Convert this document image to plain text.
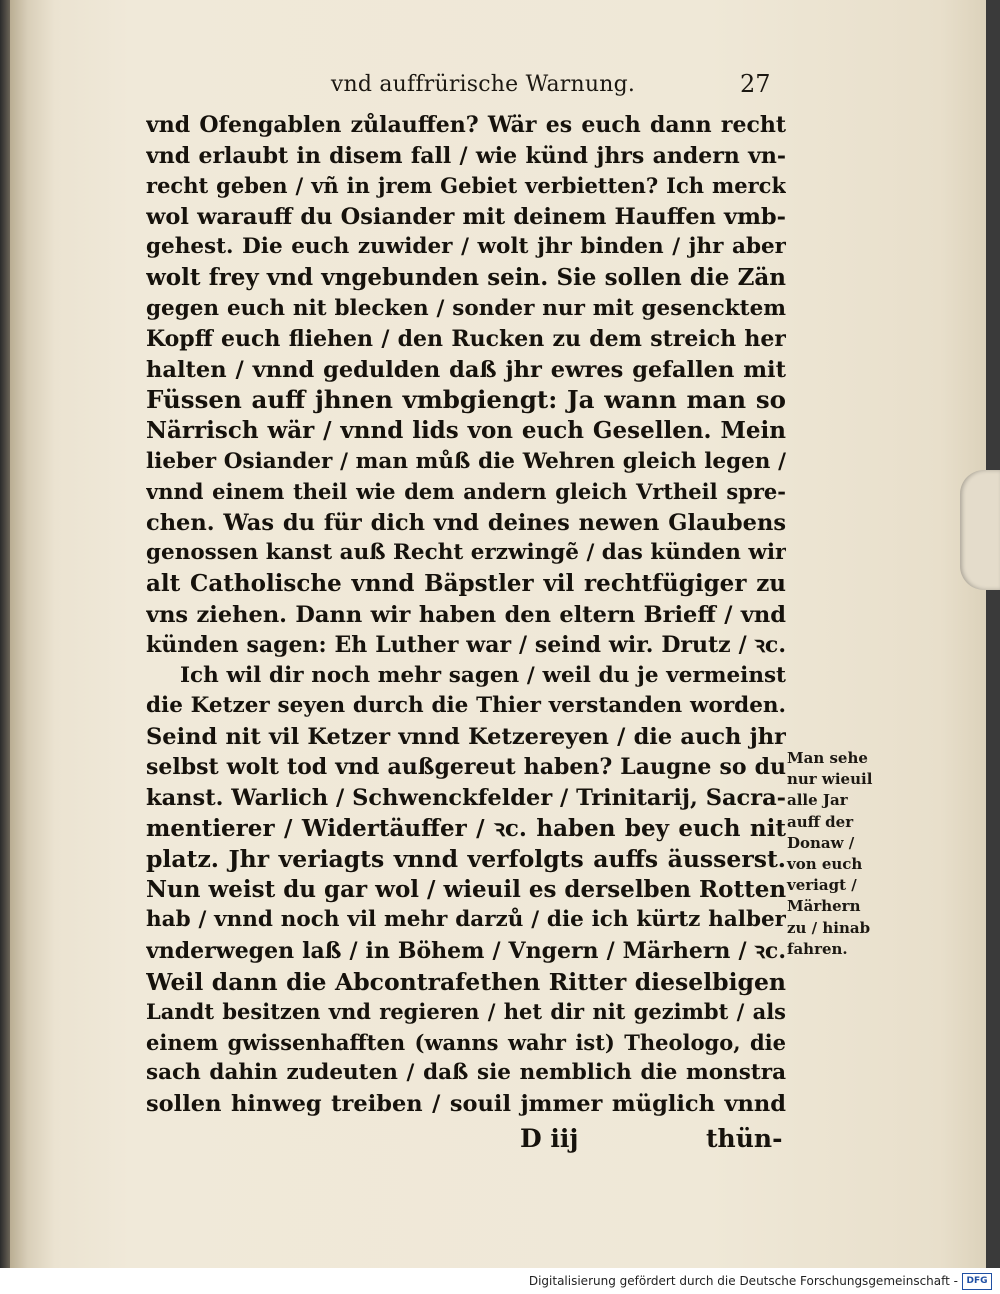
vnd auffrürische Warnung.	27
vnd Ofengablen zůlauffen? Wär es euch dann recht
vnd erlaubt in disem fall / wie künd jhrs andern vn-
recht geben / vñ in jrem Gebiet verbietten? Ich merck
wol warauff du Osiander mit deinem Hauffen vmb-
gehest. Die euch zuwider / wolt jhr binden / jhr aber
wolt frey vnd vngebunden sein. Sie sollen die Zän
gegen euch nit blecken / sonder nur mit gesencktem
Kopff euch fliehen / den Rucken zu dem streich her
halten / vnnd gedulden daß jhr ewres gefallen mit
Füssen auff jhnen vmbgiengt: Ja wann man so
Närrisch wär / vnnd lids von euch Gesellen. Mein
lieber Osiander / man můß die Wehren gleich legen /
vnnd einem theil wie dem andern gleich Vrtheil spre-
chen. Was du für dich vnd deines newen Glaubens
genossen kanst auß Recht erzwingẽ / das künden wir
alt Catholische vnnd Bäpstler vil rechtfügiger zu
vns ziehen. Dann wir haben den eltern Brieff / vnd
künden sagen: Eh Luther war / seind wir. Drutz / ꝛc.
Ich wil dir noch mehr sagen / weil du je vermeinst
die Ketzer seyen durch die Thier verstanden worden.
Seind nit vil Ketzer vnnd Ketzereyen / die auch jhr
selbst wolt tod vnd außgereut haben? Laugne so du
kanst. Warlich / Schwenckfelder / Trinitarij, Sacra-
mentierer / Widertäuffer / ꝛc. haben bey euch nit
platz. Jhr veriagts vnnd verfolgts auffs äusserst.
Nun weist du gar wol / wieuil es derselben Rotten
hab / vnnd noch vil mehr darzů / die ich kürtz halber
vnderwegen laß / in Böhem / Vngern / Märhern / ꝛc.
Weil dann die Abcontrafethen Ritter dieselbigen
Landt besitzen vnd regieren / het dir nit gezimbt / als
einem gwissenhafften (wanns wahr ist) Theologo, die
sach dahin zudeuten / daß sie nemblich die monstra
sollen hinweg treiben / souil jmmer müglich vnnd
Man sehe
nur wieuil
alle Jar
auff der
Donaw /
von euch
veriagt /
Märhern
zu / hinab
fahren.
D iij	thün-
Digitalisierung gefördert durch die Deutsche Forschungsgemeinschaft - DFG
